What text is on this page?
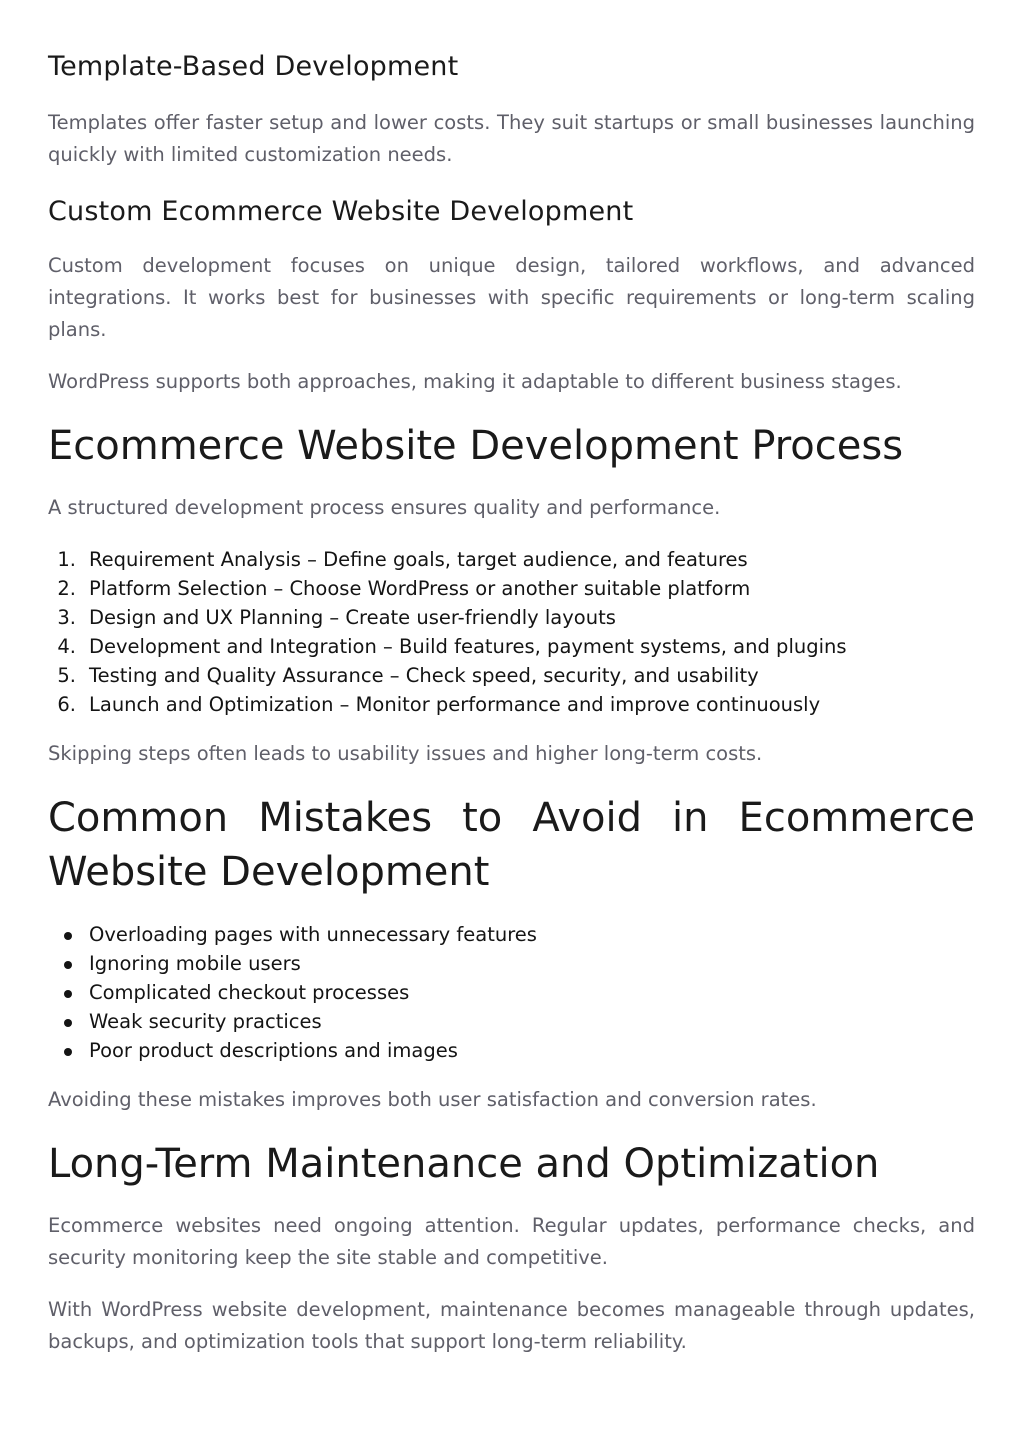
Template-Based Development

Templates offer faster setup and lower costs. They suit startups or small businesses launching quickly with limited customization needs.

Custom Ecommerce Website Development

Custom development focuses on unique design, tailored workflows, and advanced integrations. It works best for businesses with specific requirements or long-term scaling plans.

WordPress supports both approaches, making it adaptable to different business stages.

Ecommerce Website Development Process

A structured development process ensures quality and performance.

1. Requirement Analysis – Define goals, target audience, and features
2. Platform Selection – Choose WordPress or another suitable platform
3. Design and UX Planning – Create user-friendly layouts
4. Development and Integration – Build features, payment systems, and plugins
5. Testing and Quality Assurance – Check speed, security, and usability
6. Launch and Optimization – Monitor performance and improve continuously

Skipping steps often leads to usability issues and higher long-term costs.

Common Mistakes to Avoid in Ecommerce Website Development
Overloading pages with unnecessary features
Ignoring mobile users
Complicated checkout processes
Weak security practices
Poor product descriptions and images

Avoiding these mistakes improves both user satisfaction and conversion rates.

Long-Term Maintenance and Optimization

Ecommerce websites need ongoing attention. Regular updates, performance checks, and security monitoring keep the site stable and competitive.

With WordPress website development, maintenance becomes manageable through updates, backups, and optimization tools that support long-term reliability.
